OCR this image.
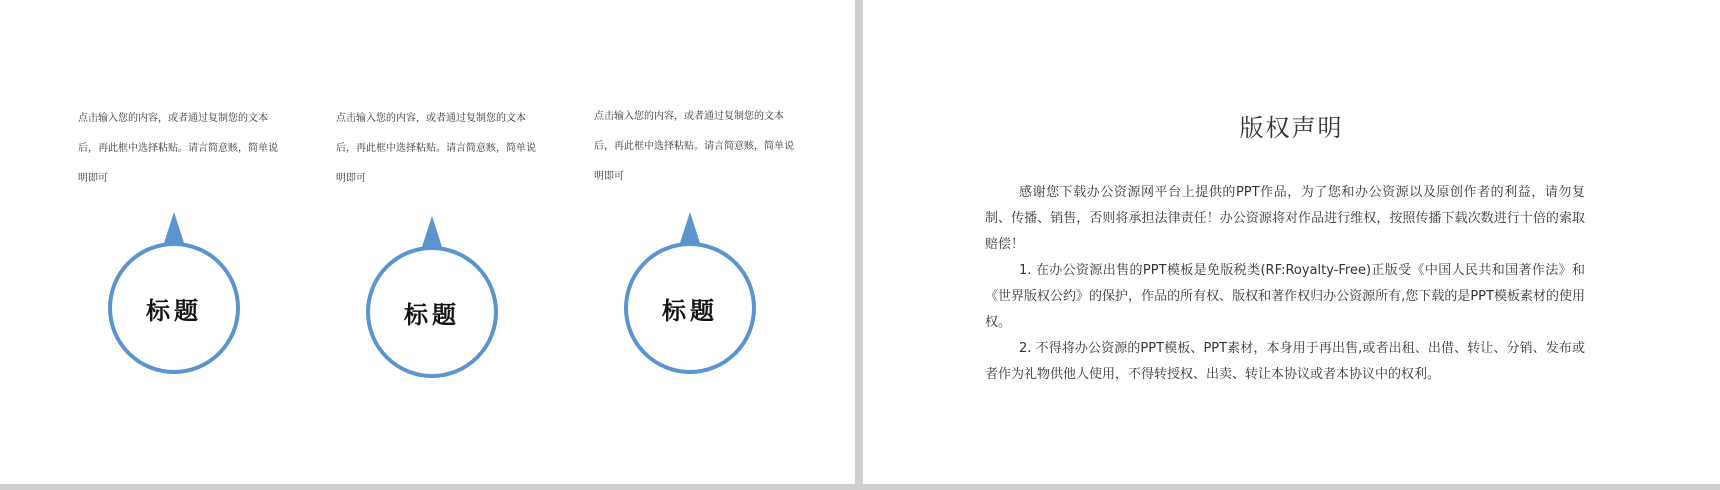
点击输入您的内容，或者通过复制您的文本后，再此框中选择粘贴。请言简意赅，简单说明即可

标题

点击输入您的内容，或者通过复制您的文本后，再此框中选择粘贴。请言简意赅，简单说明即可

标题

点击输入您的内容，或者通过复制您的文本后，再此框中选择粘贴。请言简意赅，简单说明即可

标题
版权声明

感谢您下载办公资源网平台上提供的PPT作品，为了您和办公资源以及原创作者的利益，请勿复制、传播、销售，否则将承担法律责任！办公资源将对作品进行维权，按照传播下载次数进行十倍的索取赔偿！

1. 在办公资源出售的PPT模板是免版税类(RF:Royalty-Free)正版受《中国人民共和国著作法》和《世界版权公约》的保护，作品的所有权、版权和著作权归办公资源所有,您下载的是PPT模板素材的使用权。

2. 不得将办公资源的PPT模板、PPT素材，本身用于再出售,或者出租、出借、转让、分销、发布或者作为礼物供他人使用，不得转授权、出卖、转让本协议或者本协议中的权利。
